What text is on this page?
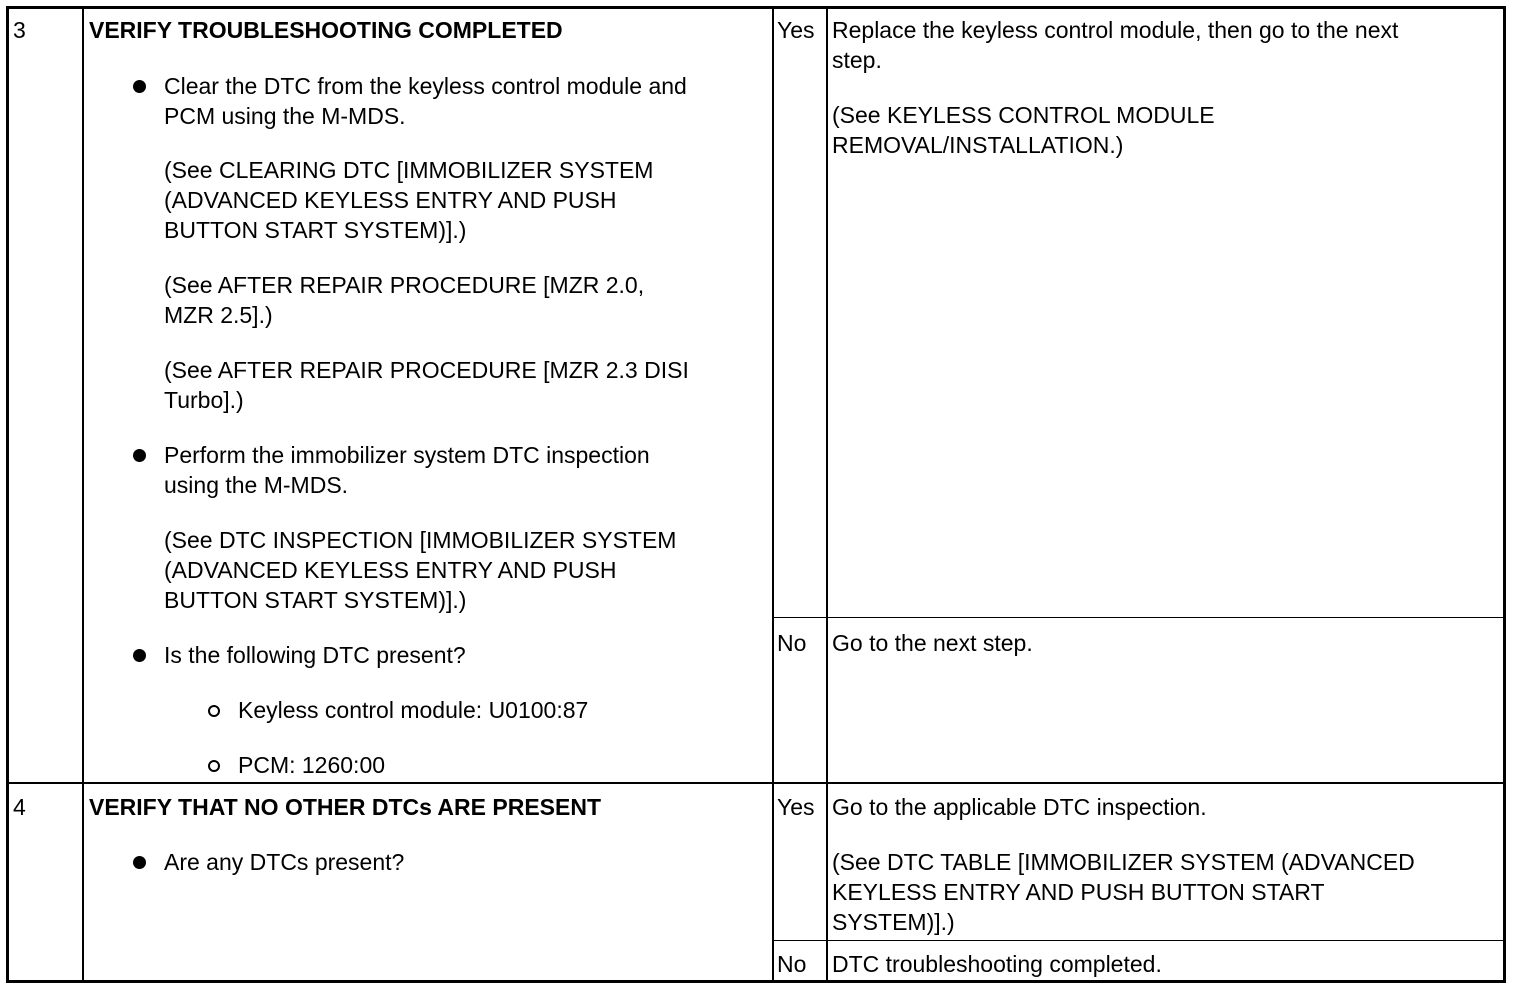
3	VERIFY TROUBLESHOOTING COMPLETED
Clear the DTC from the keyless control module and
PCM using the M-MDS.
(See CLEARING DTC [IMMOBILIZER SYSTEM
(ADVANCED KEYLESS ENTRY AND PUSH
BUTTON START SYSTEM)].)
(See AFTER REPAIR PROCEDURE [MZR 2.0,
MZR 2.5].)
(See AFTER REPAIR PROCEDURE [MZR 2.3 DISI
Turbo].)
Perform the immobilizer system DTC inspection
using the M-MDS.
(See DTC INSPECTION [IMMOBILIZER SYSTEM
(ADVANCED KEYLESS ENTRY AND PUSH
BUTTON START SYSTEM)].)
Is the following DTC present?
Keyless control module: U0100:87
PCM: 1260:00
Yes Replace the keyless control module, then go to the next
step.
(See KEYLESS CONTROL MODULE
REMOVAL/INSTALLATION.)
No Go to the next step.
4	VERIFY THAT NO OTHER DTCs ARE PRESENT
Are any DTCs present?
Yes Go to the applicable DTC inspection.
(See DTC TABLE [IMMOBILIZER SYSTEM (ADVANCED
KEYLESS ENTRY AND PUSH BUTTON START
SYSTEM)].)
No DTC troubleshooting completed.
